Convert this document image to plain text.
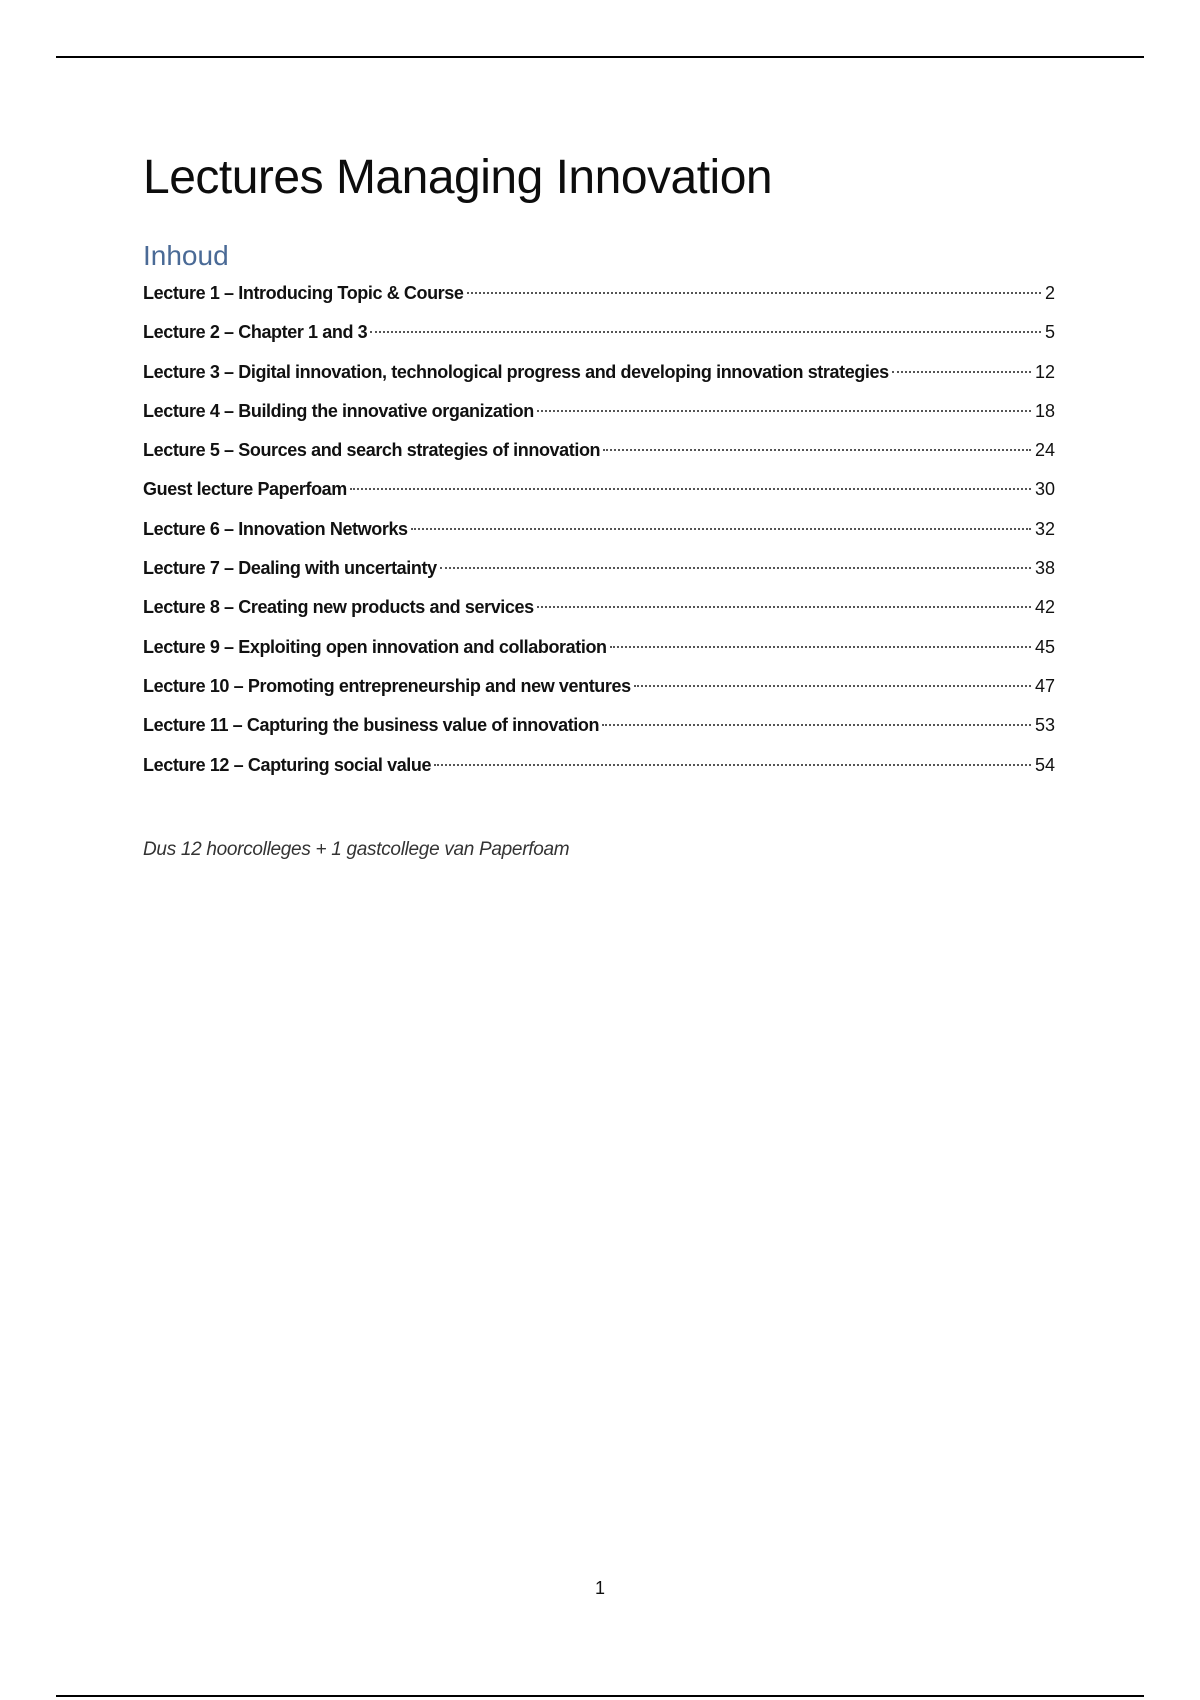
Lectures Managing Innovation
Inhoud
Lecture 1 – Introducing Topic & Course	2
Lecture 2 – Chapter 1 and 3	5
Lecture 3 – Digital innovation, technological progress and developing innovation strategies	12
Lecture 4 – Building the innovative organization	18
Lecture 5 – Sources and search strategies of innovation	24
Guest lecture Paperfoam	30
Lecture 6 – Innovation Networks	32
Lecture 7 – Dealing with uncertainty	38
Lecture 8 – Creating new products and services	42
Lecture 9 – Exploiting open innovation and collaboration	45
Lecture 10 – Promoting entrepreneurship and new ventures	47
Lecture 11 – Capturing the business value of innovation	53
Lecture 12 – Capturing social value	54

Dus 12 hoorcolleges + 1 gastcollege van Paperfoam

1
